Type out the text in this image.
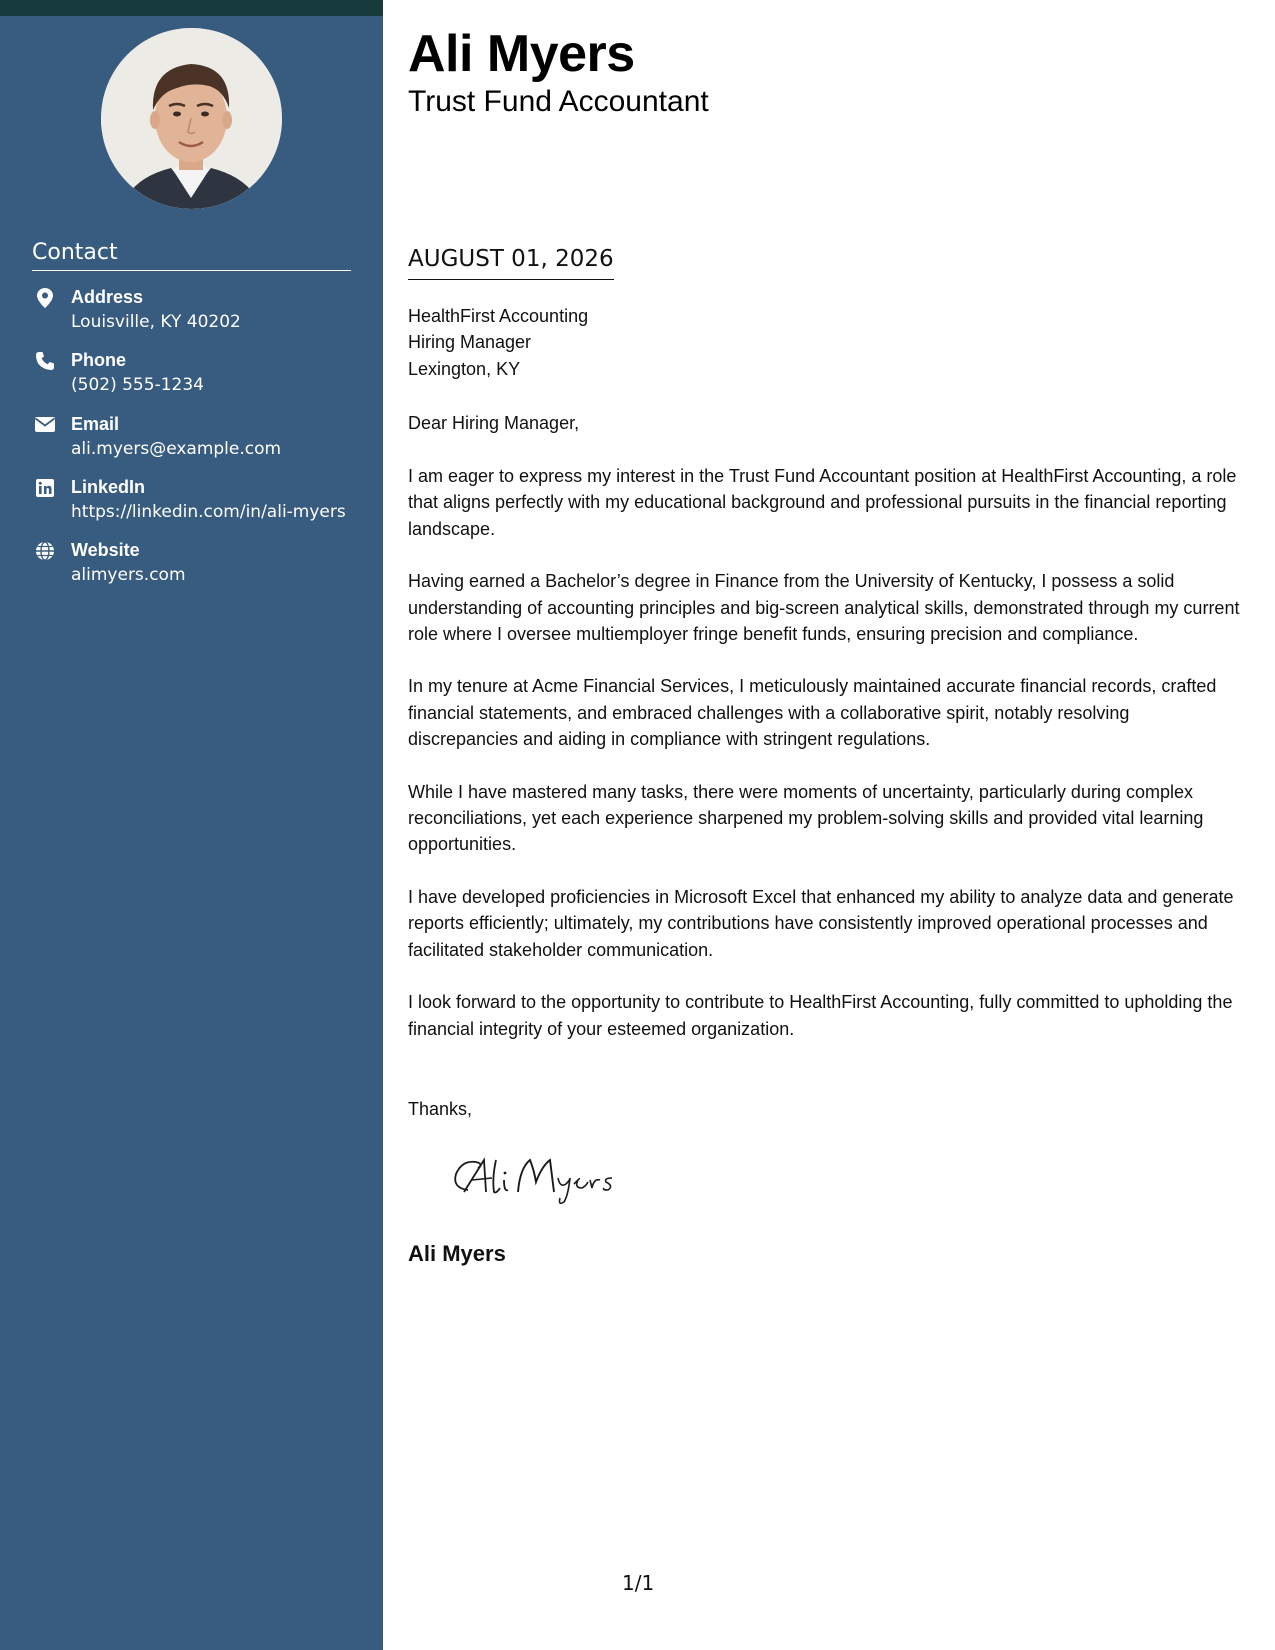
Contact
Address
Louisville, KY 40202
Phone
(502) 555-1234
Email
ali.myers@example.com
LinkedIn
https://linkedin.com/in/ali-myers
Website
alimyers.com
Ali Myers
Trust Fund Accountant
AUGUST 01, 2026
HealthFirst Accounting
Hiring Manager
Lexington, KY
Dear Hiring Manager,

I am eager to express my interest in the Trust Fund Accountant position at HealthFirst Accounting, a role that aligns perfectly with my educational background and professional pursuits in the financial reporting landscape.

Having earned a Bachelor’s degree in Finance from the University of Kentucky, I possess a solid understanding of accounting principles and big-screen analytical skills, demonstrated through my current role where I oversee multiemployer fringe benefit funds, ensuring precision and compliance.

In my tenure at Acme Financial Services, I meticulously maintained accurate financial records, crafted financial statements, and embraced challenges with a collaborative spirit, notably resolving discrepancies and aiding in compliance with stringent regulations.

While I have mastered many tasks, there were moments of uncertainty, particularly during complex reconciliations, yet each experience sharpened my problem-solving skills and provided vital learning opportunities.

I have developed proficiencies in Microsoft Excel that enhanced my ability to analyze data and generate reports efficiently; ultimately, my contributions have consistently improved operational processes and facilitated stakeholder communication.

I look forward to the opportunity to contribute to HealthFirst Accounting, fully committed to upholding the financial integrity of your esteemed organization.

Thanks,
Ali Myers
1/1
